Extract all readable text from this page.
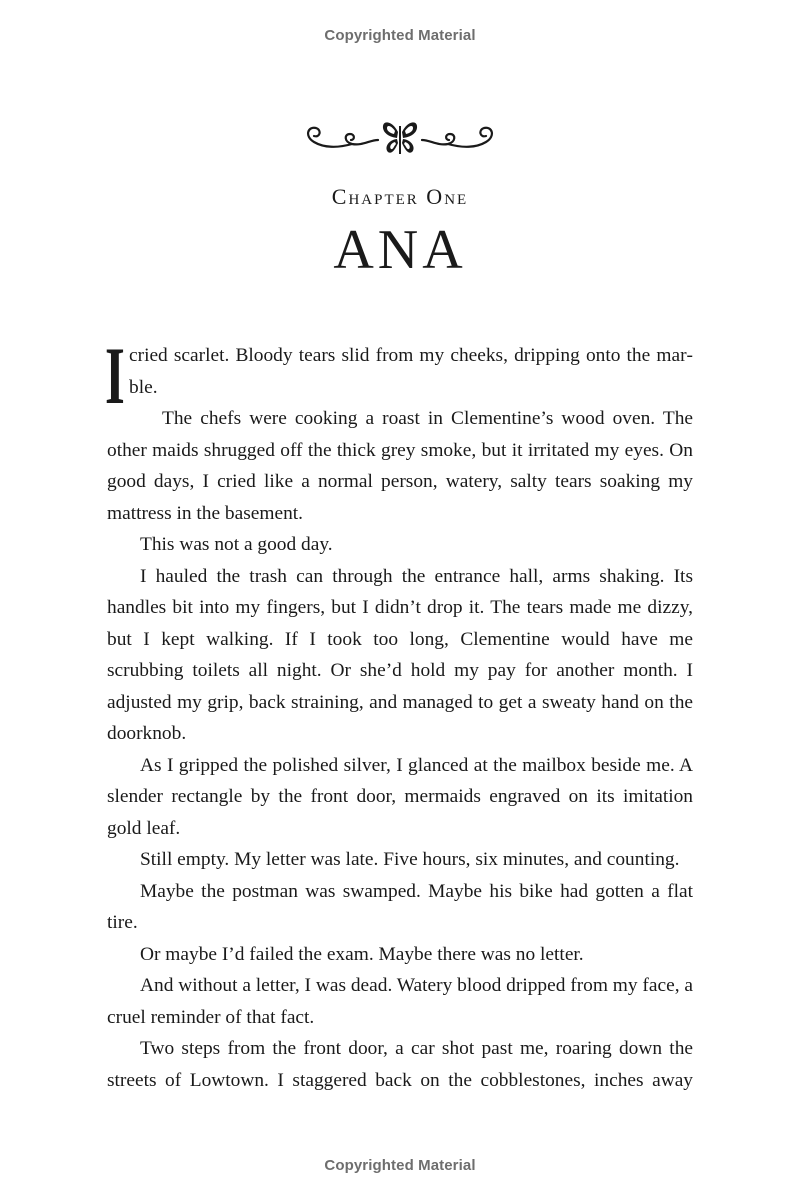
Copyrighted Material
Chapter One
ANA

Icried scarlet. Bloody tears slid from my cheeks, dripping onto the marble.

The chefs were cooking a roast in Clementine’s wood oven. The other maids shrugged off the thick grey smoke, but it irritated my eyes. On good days, I cried like a normal person, watery, salty tears soaking my mattress in the basement.

This was not a good day.

I hauled the trash can through the entrance hall, arms shaking. Its handles bit into my fingers, but I didn’t drop it. The tears made me dizzy, but I kept walking. If I took too long, Clementine would have me scrubbing toilets all night. Or she’d hold my pay for another month. I adjusted my grip, back straining, and managed to get a sweaty hand on the doorknob.

As I gripped the polished silver, I glanced at the mailbox beside me. A slender rectangle by the front door, mermaids engraved on its imitation gold leaf.

Still empty. My letter was late. Five hours, six minutes, and counting.

Maybe the postman was swamped. Maybe his bike had gotten a flat tire.

Or maybe I’d failed the exam. Maybe there was no letter.

And without a letter, I was dead. Watery blood dripped from my face, a cruel reminder of that fact.

Two steps from the front door, a car shot past me, roaring down the streets of Lowtown. I staggered back on the cobblestones, inches away

Copyrighted Material
